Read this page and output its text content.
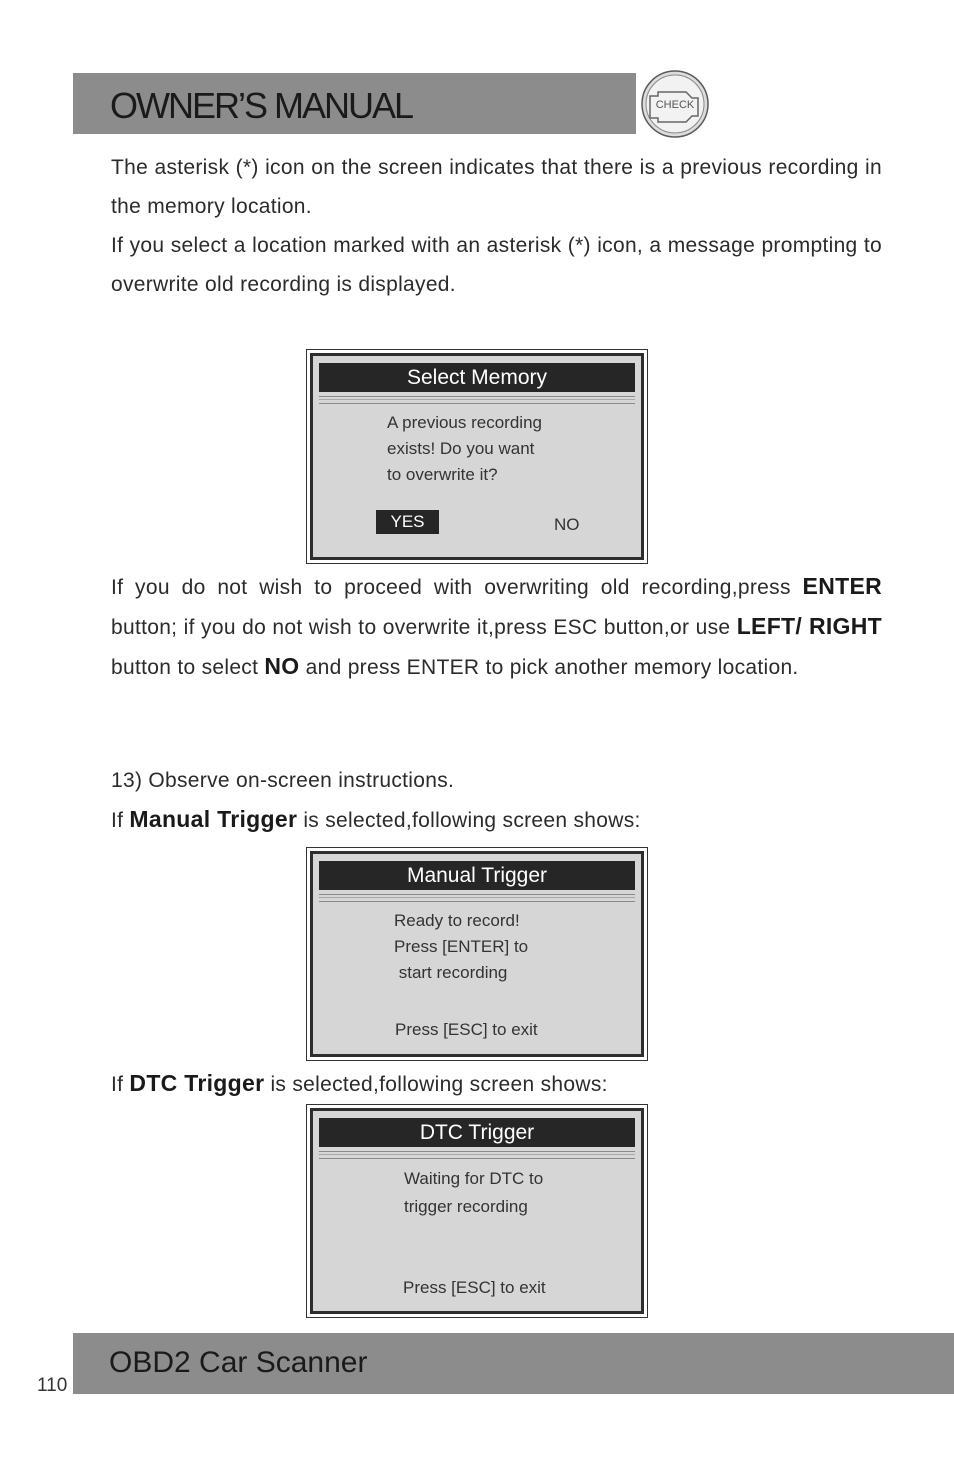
OWNER’S MANUAL	CHECK

The asterisk (*) icon on the screen indicates that there is a previous recording in the memory location.

If you select a location marked with an asterisk (*) icon, a message prompting to overwrite old recording is displayed.

Select Memory

A previous recording

exists! Do you want

to overwrite it?

YES	NO

If you do not wish to proceed with overwriting old recording,press ENTER button; if you do not wish to overwrite it,press ESC button,or use LEFT/ RIGHT button to select NO and press ENTER to pick another memory location.

13) Observe on-screen instructions.

If Manual Trigger is selected,following screen shows:

Manual Trigger

Ready to record!

Press [ENTER] to

start recording

Press [ESC] to exit

If DTC Trigger is selected,following screen shows:

DTC Trigger

Waiting for DTC to

trigger recording

Press [ESC] to exit

OBD2 Car Scanner
110
